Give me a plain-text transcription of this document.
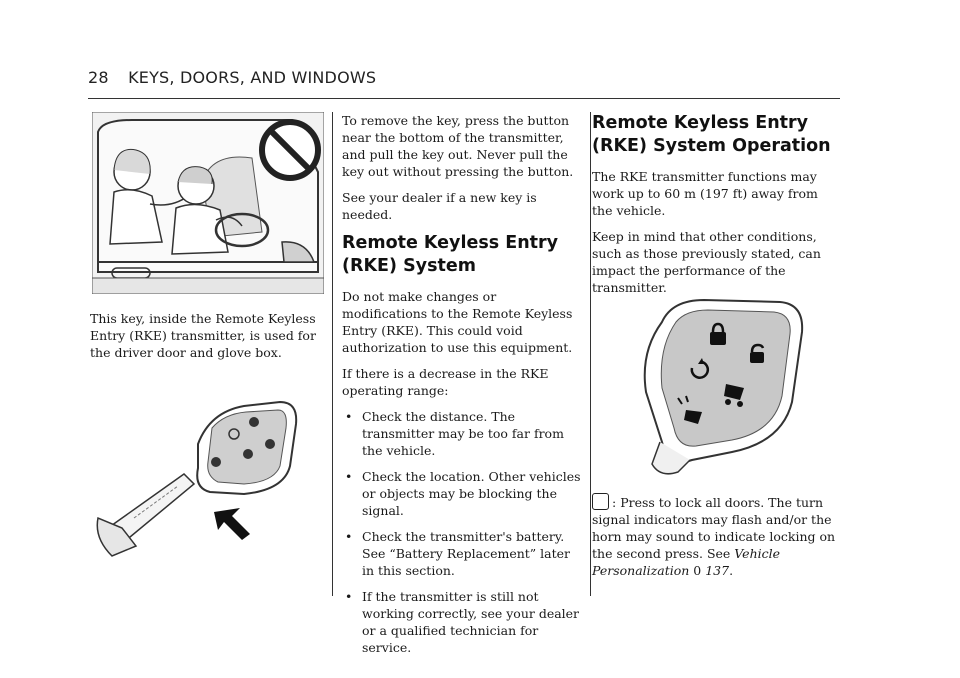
28 KEYS, DOORS, AND WINDOWS

This key, inside the Remote Keyless Entry (RKE) transmitter, is used for the driver door and glove box.

To remove the key, press the button near the bottom of the transmitter, and pull the key out. Never pull the key out without pressing the button.

See your dealer if a new key is needed.

Remote Keyless Entry
(RKE) System

Do not make changes or modifications to the Remote Keyless Entry (RKE). This could void authorization to use this equipment.

If there is a decrease in the RKE operating range:

• Check the distance. The transmitter may be too far from the vehicle.
• Check the location. Other vehicles or objects may be blocking the signal.
• Check the transmitter's battery. See “Battery Replacement” later in this section.
• If the transmitter is still not working correctly, see your dealer or a qualified technician for service.
Remote Keyless Entry
(RKE) System Operation

The RKE transmitter functions may work up to 60 m (197 ft) away from the vehicle.

Keep in mind that other conditions, such as those previously stated, can impact the performance of the transmitter.

: Press to lock all doors. The turn signal indicators may flash and/or the horn may sound to indicate locking on the second press. See Vehicle Personalization 0 137.
